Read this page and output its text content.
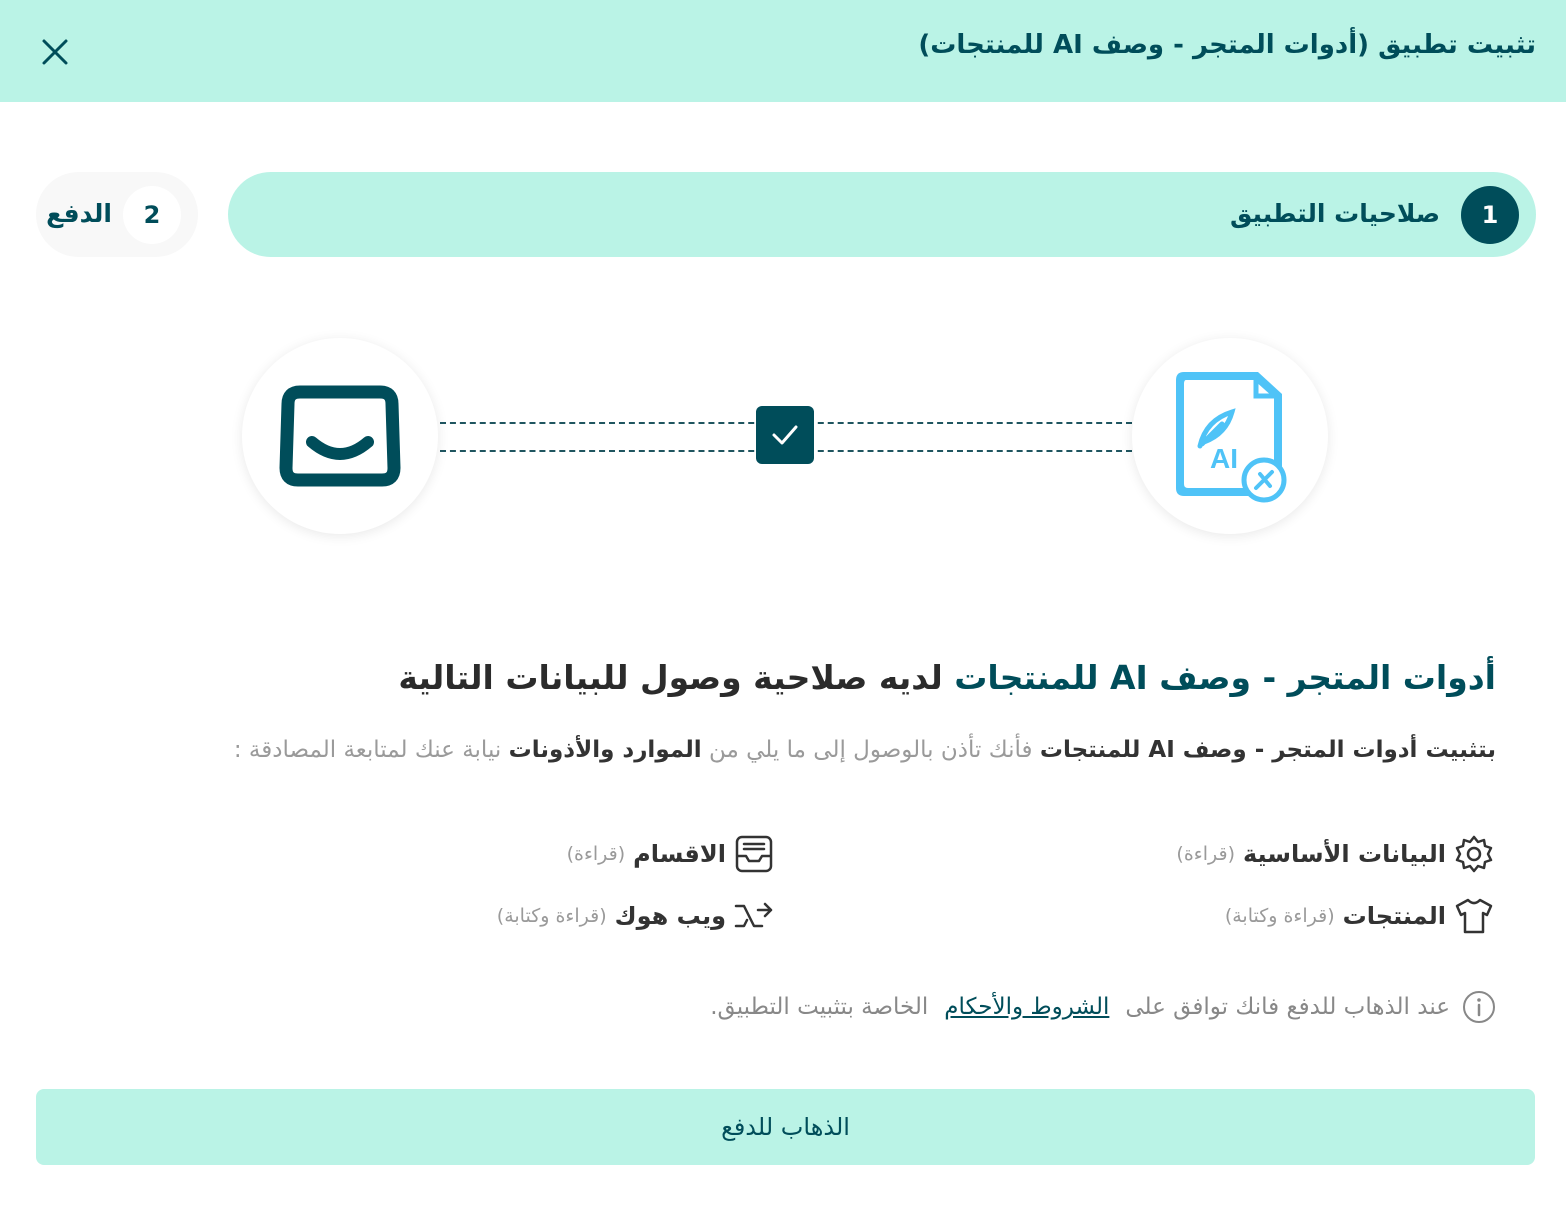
تثبيت تطبيق (أدوات المتجر - وصف AI للمنتجات)
1
صلاحيات التطبيق
2
الدفع
AI
أدوات المتجر - وصف AI للمنتجات لديه صلاحية وصول للبيانات التالية
بتثبيت أدوات المتجر - وصف AI للمنتجات فأنك تأذن بالوصول إلى ما يلي من الموارد والأذونات نيابة عنك لمتابعة المصادقة :
البيانات الأساسية
(قراءة)
الاقسام
(قراءة)
المنتجات
(قراءة وكتابة)
ويب هوك
(قراءة وكتابة)
عند الذهاب للدفع فانك توافق على
الشروط والأحكام
الخاصة بتثبيت التطبيق.
الذهاب للدفع
